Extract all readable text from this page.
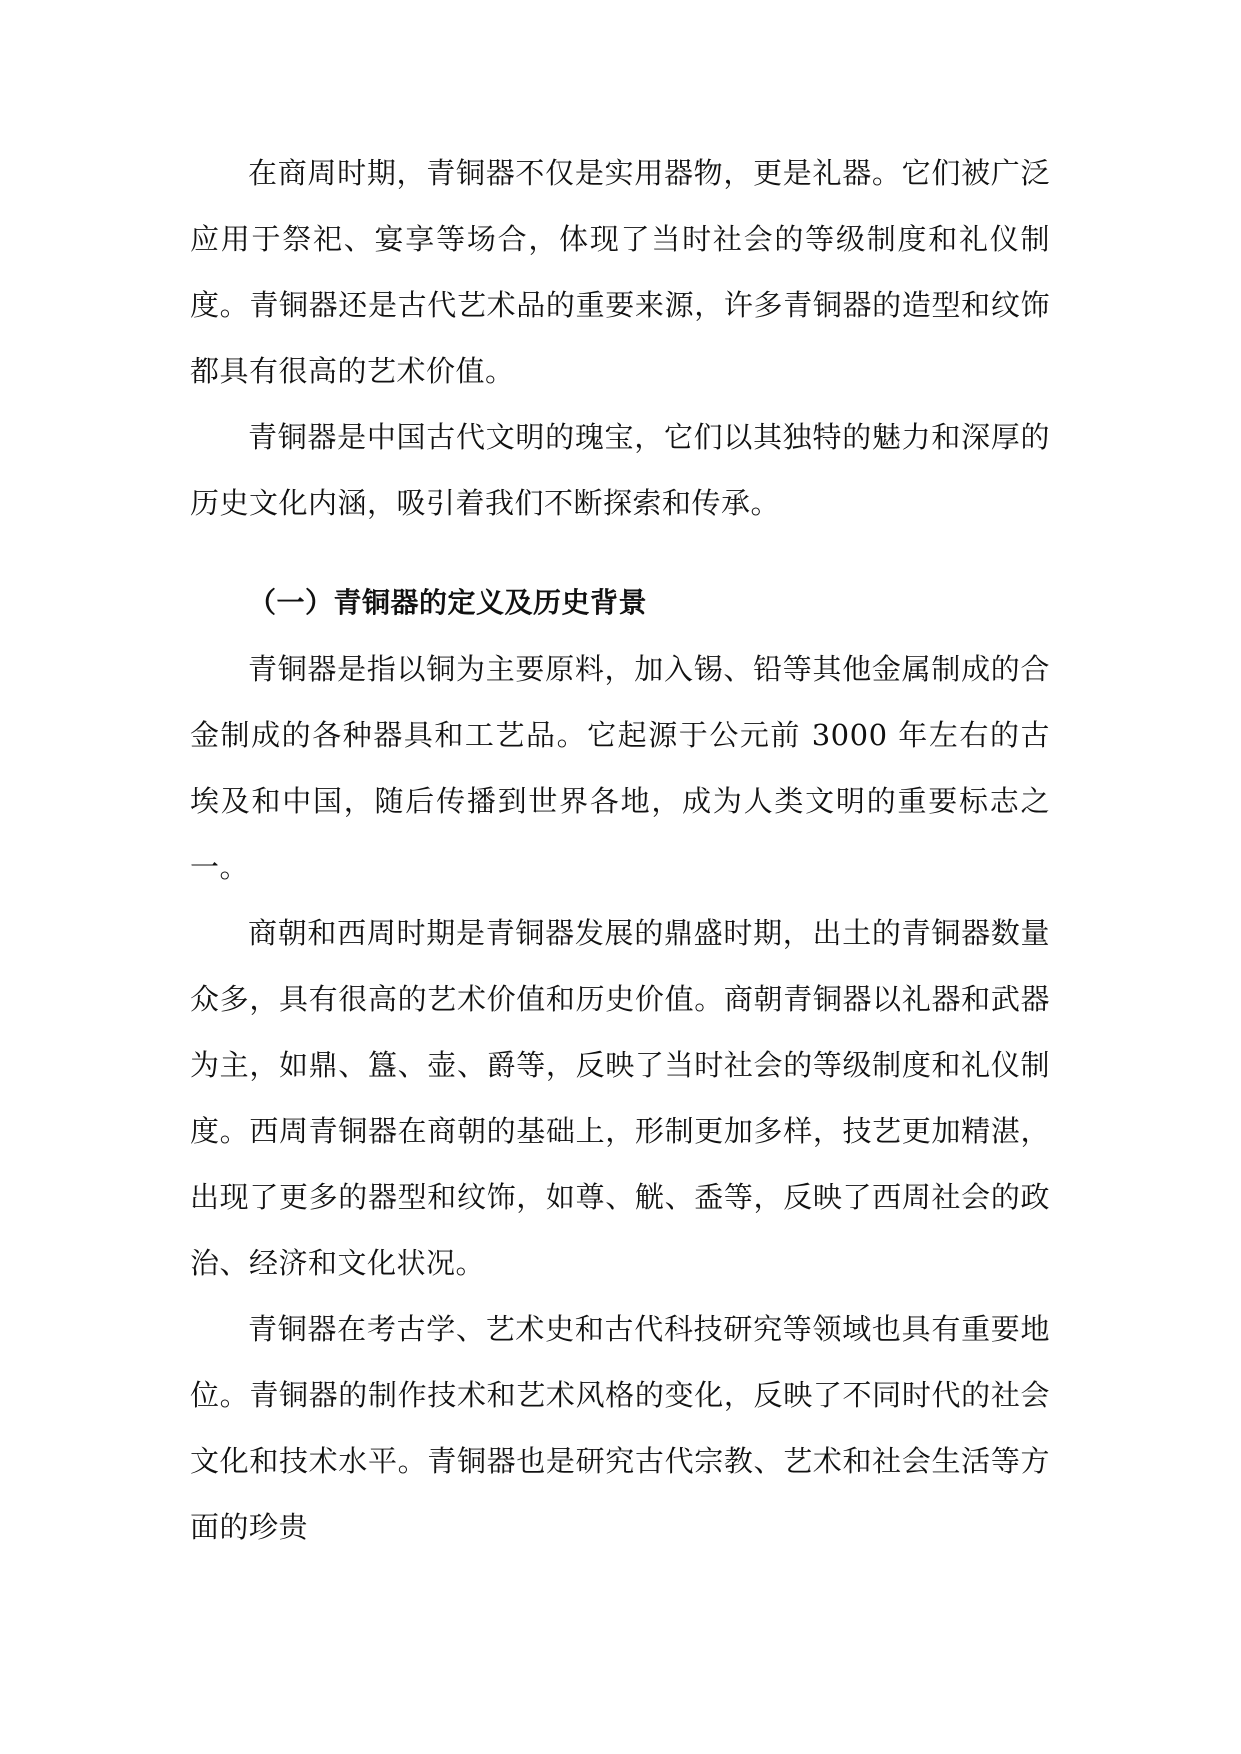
在商周时期，青铜器不仅是实用器物，更是礼器。它们被广泛应用于祭祀、宴享等场合，体现了当时社会的等级制度和礼仪制度。青铜器还是古代艺术品的重要来源，许多青铜器的造型和纹饰都具有很高的艺术价值。

青铜器是中国古代文明的瑰宝，它们以其独特的魅力和深厚的历史文化内涵，吸引着我们不断探索和传承。

（一）青铜器的定义及历史背景

青铜器是指以铜为主要原料，加入锡、铅等其他金属制成的合金制成的各种器具和工艺品。它起源于公元前 3000 年左右的古埃及和中国，随后传播到世界各地，成为人类文明的重要标志之一。

商朝和西周时期是青铜器发展的鼎盛时期，出土的青铜器数量众多，具有很高的艺术价值和历史价值。商朝青铜器以礼器和武器为主，如鼎、簋、壶、爵等，反映了当时社会的等级制度和礼仪制度。西周青铜器在商朝的基础上，形制更加多样，技艺更加精湛，出现了更多的器型和纹饰，如尊、觥、盉等，反映了西周社会的政治、经济和文化状况。

青铜器在考古学、艺术史和古代科技研究等领域也具有重要地位。青铜器的制作技术和艺术风格的变化，反映了不同时代的社会文化和技术水平。青铜器也是研究古代宗教、艺术和社会生活等方面的珍贵
